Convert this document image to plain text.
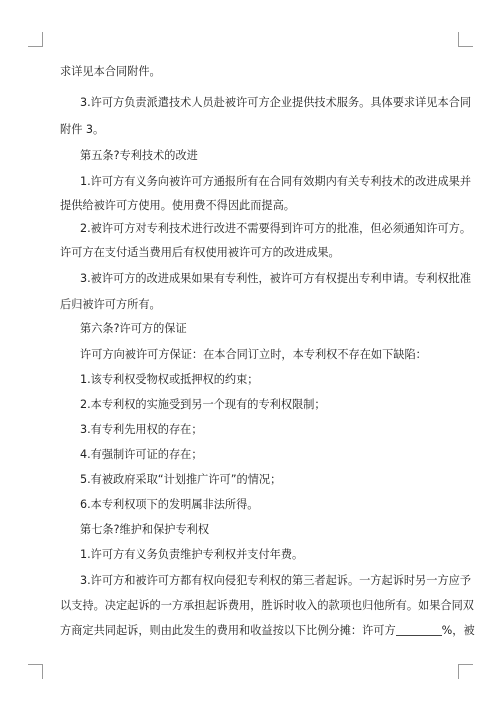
求详见本合同附件。
3.许可方负责派遣技术人员赴被许可方企业提供技术服务。具体要求详见本合同
附件 3。
第五条?专利技术的改进
1.许可方有义务向被许可方通报所有在合同有效期内有关专利技术的改进成果并
提供给被许可方使用。使用费不得因此而提高。
2.被许可方对专利技术进行改进不需要得到许可方的批准，但必须通知许可方。
许可方在支付适当费用后有权使用被许可方的改进成果。
3.被许可方的改进成果如果有专利性，被许可方有权提出专利申请。专利权批准
后归被许可方所有。
第六条?许可方的保证
许可方向被许可方保证：在本合同订立时，本专利权不存在如下缺陷：
1.该专利权受物权或抵押权的约束；
2.本专利权的实施受到另一个现有的专利权限制；
3.有专利先用权的存在；
4.有强制许可证的存在；
5.有被政府采取“计划推广许可”的情况；
6.本专利权项下的发明属非法所得。
第七条?维护和保护专利权
1.许可方有义务负责维护专利权并支付年费。
3.许可方和被许可方都有权向侵犯专利权的第三者起诉。一方起诉时另一方应予
以支持。决定起诉的一方承担起诉费用，胜诉时收入的款项也归他所有。如果合同双
方商定共同起诉，则由此发生的费用和收益按以下比例分摊：许可方	%，被
